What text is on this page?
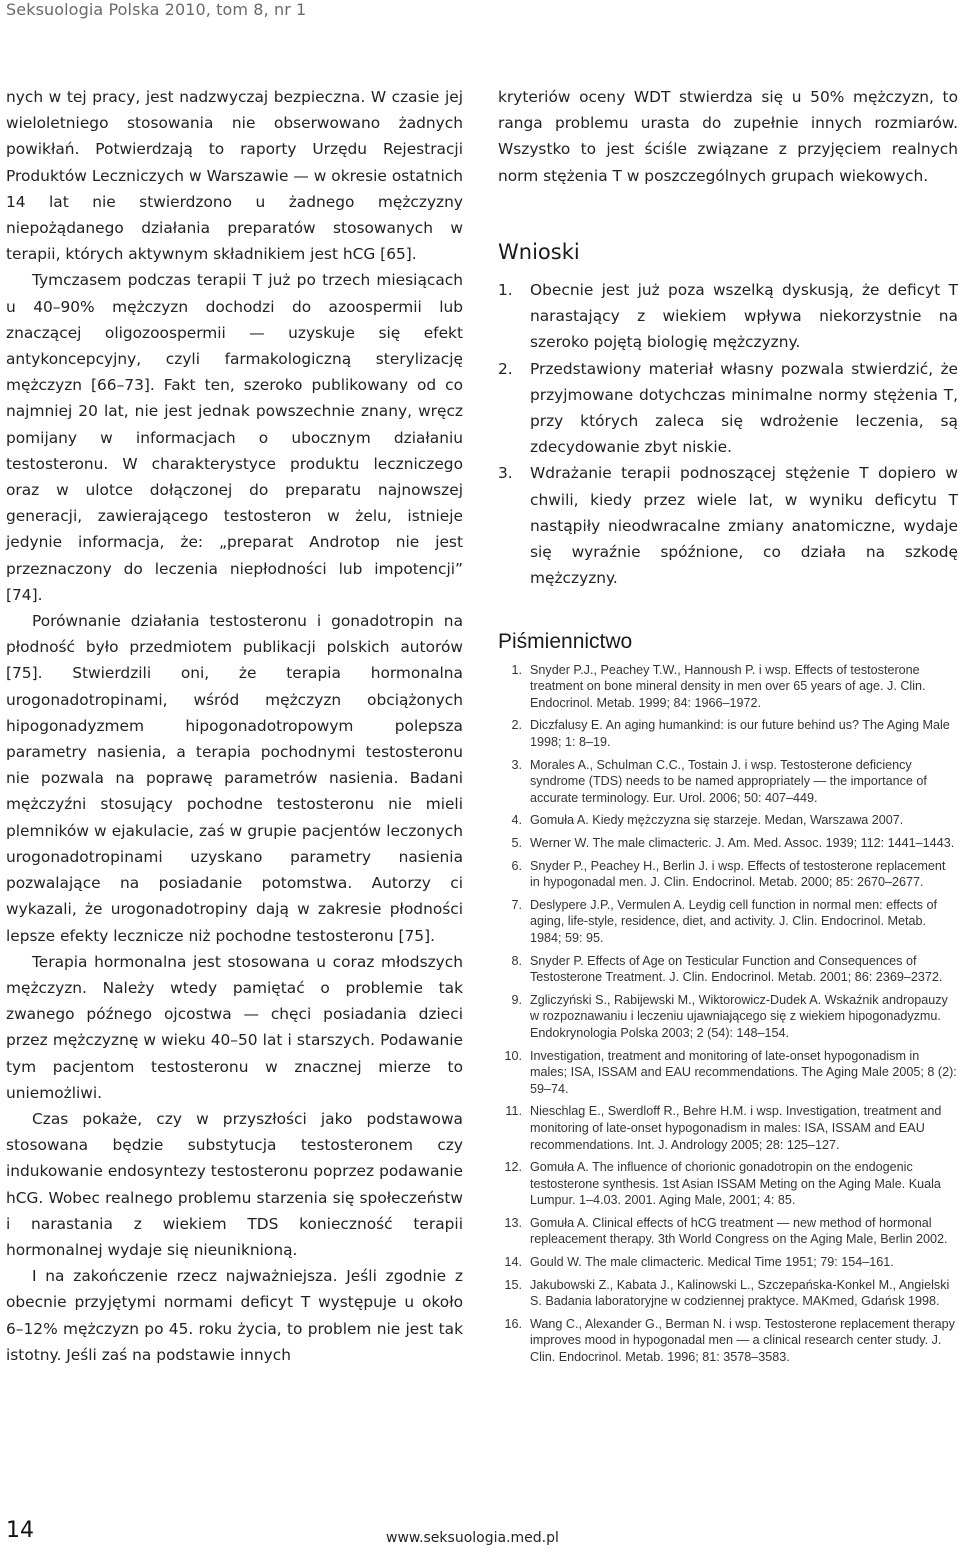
Seksuologia Polska 2010, tom 8, nr 1

nych w tej pracy, jest nadzwyczaj bezpieczna. W czasie jej wieloletniego stosowania nie obserwowano żadnych powikłań. Potwierdzają to raporty Urzędu Rejestracji Produktów Leczniczych w Warszawie — w okresie ostatnich 14 lat nie stwierdzono u żadnego mężczyzny niepożądanego działania preparatów stosowanych w terapii, których aktywnym składnikiem jest hCG [65].

Tymczasem podczas terapii T już po trzech miesiącach u 40–90% mężczyzn dochodzi do azoospermii lub znaczącej oligozoospermii — uzyskuje się efekt antykoncepcyjny, czyli farmakologiczną sterylizację mężczyzn [66–73]. Fakt ten, szeroko publikowany od co najmniej 20 lat, nie jest jednak powszechnie znany, wręcz pomijany w informacjach o ubocznym działaniu testosteronu. W charakterystyce produktu leczniczego oraz w ulotce dołączonej do preparatu najnowszej generacji, zawierającego testosteron w żelu, istnieje jedynie informacja, że: „preparat Androtop nie jest przeznaczony do leczenia niepłodności lub impotencji” [74].

Porównanie działania testosteronu i gonadotropin na płodność było przedmiotem publikacji polskich autorów [75]. Stwierdzili oni, że terapia hormonalna urogonadotropinami, wśród mężczyzn obciążonych hipogonadyzmem hipogonadotropowym polepsza parametry nasienia, a terapia pochodnymi testosteronu nie pozwala na poprawę parametrów nasienia. Badani mężczyźni stosujący pochodne testosteronu nie mieli plemników w ejakulacie, zaś w grupie pacjentów leczonych urogonadotropinami uzyskano parametry nasienia pozwalające na posiadanie potomstwa. Autorzy ci wykazali, że urogonadotropiny dają w zakresie płodności lepsze efekty lecznicze niż pochodne testosteronu [75].

Terapia hormonalna jest stosowana u coraz młodszych mężczyzn. Należy wtedy pamiętać o problemie tak zwanego późnego ojcostwa — chęci posiadania dzieci przez mężczyznę w wieku 40–50 lat i starszych. Podawanie tym pacjentom testosteronu w znacznej mierze to uniemożliwi.

Czas pokaże, czy w przyszłości jako podstawowa stosowana będzie substytucja testosteronem czy indukowanie endosyntezy testosteronu poprzez podawanie hCG. Wobec realnego problemu starzenia się społeczeństw i narastania z wiekiem TDS konieczność terapii hormonalnej wydaje się nieuniknioną.

I na zakończenie rzecz najważniejsza. Jeśli zgodnie z obecnie przyjętymi normami deficyt T występuje u około 6–12% mężczyzn po 45. roku życia, to problem nie jest tak istotny. Jeśli zaś na podstawie innych

kryteriów oceny WDT stwierdza się u 50% mężczyzn, to ranga problemu urasta do zupełnie innych rozmiarów. Wszystko to jest ściśle związane z przyjęciem realnych norm stężenia T w poszczególnych grupach wiekowych.

Wnioski
1. Obecnie jest już poza wszelką dyskusją, że deficyt T narastający z wiekiem wpływa niekorzystnie na szeroko pojętą biologię mężczyzny.
2. Przedstawiony materiał własny pozwala stwierdzić, że przyjmowane dotychczas minimalne normy stężenia T, przy których zaleca się wdrożenie leczenia, są zdecydowanie zbyt niskie.
3. Wdrażanie terapii podnoszącej stężenie T dopiero w chwili, kiedy przez wiele lat, w wyniku deficytu T nastąpiły nieodwracalne zmiany anatomiczne, wydaje się wyraźnie spóźnione, co działa na szkodę mężczyzny.
Piśmiennictwo
1. Snyder P.J., Peachey T.W., Hannoush P. i wsp. Effects of testosterone treatment on bone mineral density in men over 65 years of age. J. Clin. Endocrinol. Metab. 1999; 84: 1966–1972.
2. Diczfalusy E. An aging humankind: is our future behind us? The Aging Male 1998; 1: 8–19.
3. Morales A., Schulman C.C., Tostain J. i wsp. Testosterone deficiency syndrome (TDS) needs to be named appropriately — the importance of accurate terminology. Eur. Urol. 2006; 50: 407–449.
4. Gomuła A. Kiedy mężczyzna się starzeje. Medan, Warszawa 2007.
5. Werner W. The male climacteric. J. Am. Med. Assoc. 1939; 112: 1441–1443.
6. Snyder P., Peachey H., Berlin J. i wsp. Effects of testosterone replacement in hypogonadal men. J. Clin. Endocrinol. Metab. 2000; 85: 2670–2677.
7. Deslypere J.P., Vermulen A. Leydig cell function in normal men: effects of aging, life-style, residence, diet, and activity. J. Clin. Endocrinol. Metab. 1984; 59: 95.
8. Snyder P. Effects of Age on Testicular Function and Consequences of Testosterone Treatment. J. Clin. Endocrinol. Metab. 2001; 86: 2369–2372.
9. Zgliczyński S., Rabijewski M., Wiktorowicz-Dudek A. Wskaźnik andropauzy w rozpoznawaniu i leczeniu ujawniającego się z wiekiem hipogonadyzmu. Endokrynologia Polska 2003; 2 (54): 148–154.
10. Investigation, treatment and monitoring of late-onset hypogonadism in males; ISA, ISSAM and EAU recommendations. The Aging Male 2005; 8 (2): 59–74.
11. Nieschlag E., Swerdloff R., Behre H.M. i wsp. Investigation, treatment and monitoring of late-onset hypogonadism in males: ISA, ISSAM and EAU recommendations. Int. J. Andrology 2005; 28: 125–127.
12. Gomuła A. The influence of chorionic gonadotropin on the endogenic testosterone synthesis. 1st Asian ISSAM Meting on the Aging Male. Kuala Lumpur. 1–4.03. 2001. Aging Male, 2001; 4: 85.
13. Gomuła A. Clinical effects of hCG treatment — new method of hormonal repleacement therapy. 3th World Congress on the Aging Male, Berlin 2002.
14. Gould W. The male climacteric. Medical Time 1951; 79: 154–161.
15. Jakubowski Z., Kabata J., Kalinowski L., Szczepańska-Konkel M., Angielski S. Badania laboratoryjne w codziennej praktyce. MAKmed, Gdańsk 1998.
16. Wang C., Alexander G., Berman N. i wsp. Testosterone replacement therapy improves mood in hypogonadal men — a clinical research center study. J. Clin. Endocrinol. Metab. 1996; 81: 3578–3583.
14	www.seksuologia.med.pl
